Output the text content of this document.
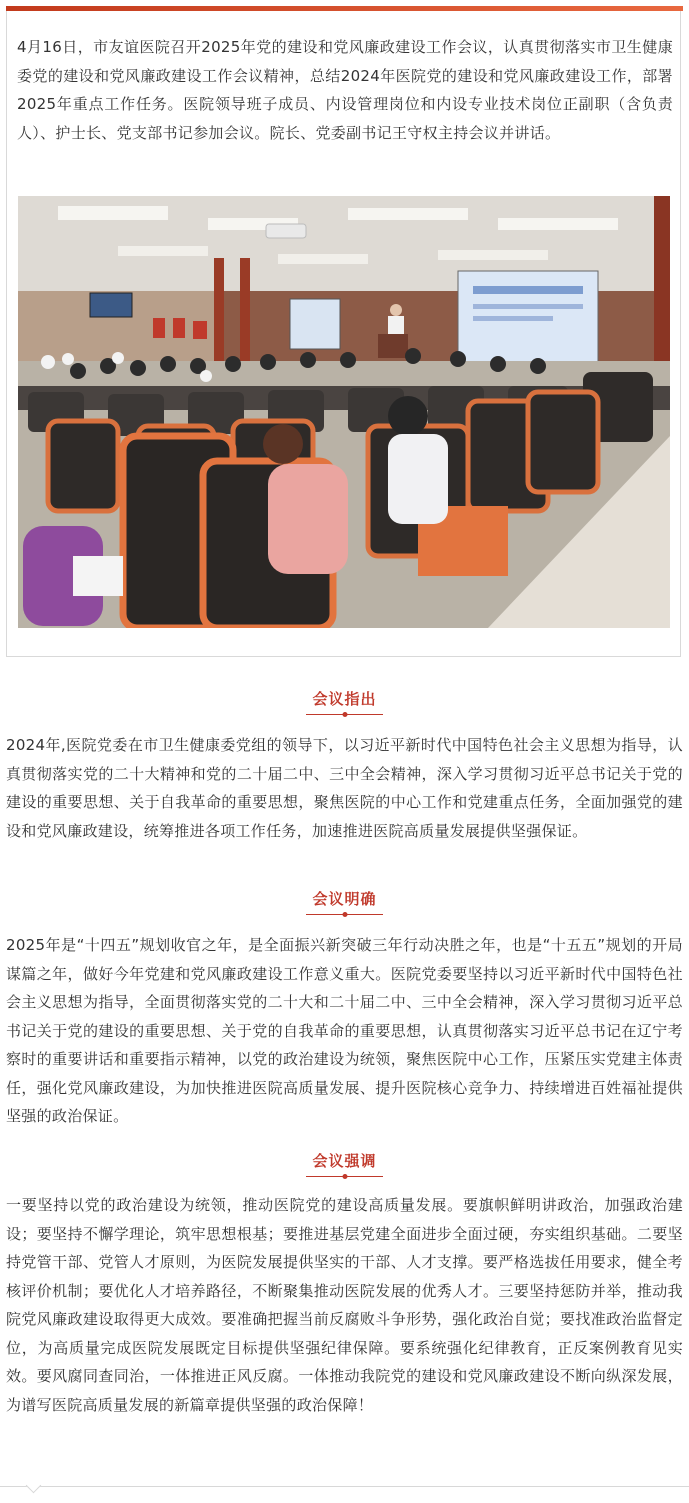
4月16日，市友谊医院召开2025年党的建设和党风廉政建设工作会议，认真贯彻落实市卫生健康委党的建设和党风廉政建设工作会议精神，总结2024年医院党的建设和党风廉政建设工作，部署2025年重点工作任务。医院领导班子成员、内设管理岗位和内设专业技术岗位正副职（含负责人）、护士长、党支部书记参加会议。院长、党委副书记王守权主持会议并讲话。

会议指出

2024年,医院党委在市卫生健康委党组的领导下，以习近平新时代中国特色社会主义思想为指导，认真贯彻落实党的二十大精神和党的二十届二中、三中全会精神，深入学习贯彻习近平总书记关于党的建设的重要思想、关于自我革命的重要思想，聚焦医院的中心工作和党建重点任务，全面加强党的建设和党风廉政建设，统筹推进各项工作任务，加速推进医院高质量发展提供坚强保证。

会议明确

2025年是“十四五”规划收官之年，是全面振兴新突破三年行动决胜之年，也是“十五五”规划的开局谋篇之年，做好今年党建和党风廉政建设工作意义重大。医院党委要坚持以习近平新时代中国特色社会主义思想为指导，全面贯彻落实党的二十大和二十届二中、三中全会精神，深入学习贯彻习近平总书记关于党的建设的重要思想、关于党的自我革命的重要思想，认真贯彻落实习近平总书记在辽宁考察时的重要讲话和重要指示精神，以党的政治建设为统领，聚焦医院中心工作，压紧压实党建主体责任，强化党风廉政建设，为加快推进医院高质量发展、提升医院核心竞争力、持续增进百姓福祉提供坚强的政治保证。

会议强调

一要坚持以党的政治建设为统领，推动医院党的建设高质量发展。要旗帜鲜明讲政治，加强政治建设；要坚持不懈学理论，筑牢思想根基；要推进基层党建全面进步全面过硬，夯实组织基础。二要坚持党管干部、党管人才原则，为医院发展提供坚实的干部、人才支撑。要严格选拔任用要求，健全考核评价机制；要优化人才培养路径，不断聚集推动医院发展的优秀人才。三要坚持惩防并举，推动我院党风廉政建设取得更大成效。要准确把握当前反腐败斗争形势，强化政治自觉；要找准政治监督定位，为高质量完成医院发展既定目标提供坚强纪律保障。要系统强化纪律教育，正反案例教育见实效。要风腐同查同治，一体推进正风反腐。一体推动我院党的建设和党风廉政建设不断向纵深发展，为谱写医院高质量发展的新篇章提供坚强的政治保障！
